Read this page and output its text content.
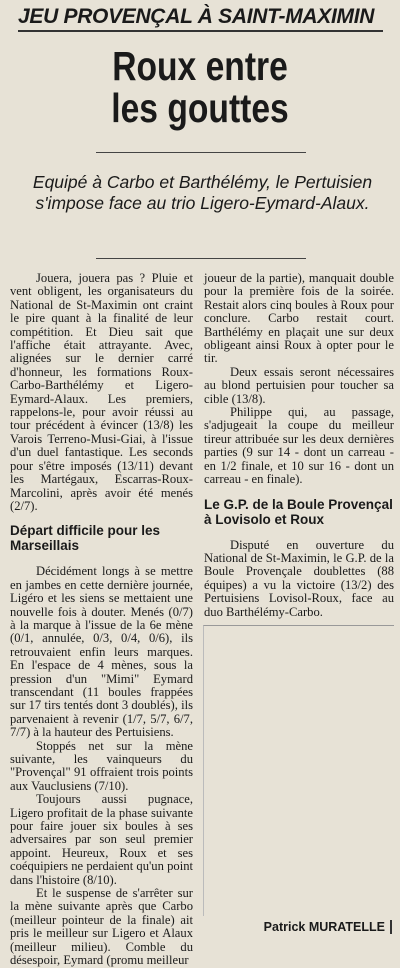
JEU PROVENÇAL À SAINT-MAXIMIN
Roux entre
les gouttes
Equipé à Carbo et Barthélémy, le Pertuisien s'impose face au trio Ligero-Eymard-Alaux.

Jouera, jouera pas ? Pluie et vent obligent, les organisateurs du National de St-Maximin ont craint le pire quant à la finalité de leur compétition. Et Dieu sait que l'affiche était attrayante. Avec, alignées sur le dernier carré d'honneur, les formations Roux-Carbo-Barthélémy et Ligero-Eymard-Alaux. Les premiers, rappelons-le, pour avoir réussi au tour précédent à évincer (13/8) les Varois Terreno-Musi-Giai, à l'issue d'un duel fantastique. Les seconds pour s'être imposés (13/11) devant les Martégaux, Escarras-Roux-Marcolini, après avoir été menés (2/7).

Départ difficile pour les Marseillais

Décidément longs à se mettre en jambes en cette dernière journée, Ligéro et les siens se mettaient une nouvelle fois à douter. Menés (0/7) à la marque à l'issue de la 6e mène (0/1, annulée, 0/3, 0/4, 0/6), ils retrouvaient enfin leurs marques. En l'espace de 4 mènes, sous la pression d'un "Mimi" Eymard transcendant (11 boules frappées sur 17 tirs tentés dont 3 doublés), ils parvenaient à revenir (1/7, 5/7, 6/7, 7/7) à la hauteur des Pertuisiens.

Stoppés net sur la mène suivante, les vainqueurs du "Provençal" 91 offraient trois points aux Vauclusiens (7/10).

Toujours aussi pugnace, Ligero profitait de la phase suivante pour faire jouer six boules à ses adversaires par son seul premier appoint. Heureux, Roux et ses coéquipiers ne perdaient qu'un point dans l'histoire (8/10).

Et le suspense de s'arrêter sur la mène suivante après que Carbo (meilleur pointeur de la finale) ait pris le meilleur sur Ligero et Alaux (meilleur milieu). Comble du désespoir, Eymard (promu meilleur

joueur de la partie), manquait double pour la première fois de la soirée. Restait alors cinq boules à Roux pour conclure. Carbo restait court. Barthélémy en plaçait une sur deux obligeant ainsi Roux à opter pour le tir.

Deux essais seront nécessaires au blond pertuisien pour toucher sa cible (13/8).

Philippe qui, au passage, s'adjugeait la coupe du meilleur tireur attribuée sur les deux dernières parties (9 sur 14 - dont un carreau - en 1/2 finale, et 10 sur 16 - dont un carreau - en finale).

Le G.P. de la Boule Provençal à Lovisolo et Roux

Disputé en ouverture du National de St-Maximin, le G.P. de la Boule Provençale doublettes (88 équipes) a vu la victoire (13/2) des Pertuisiens Lovisol-Roux, face au duo Barthélémy-Carbo.

Patrick MURATELLE
